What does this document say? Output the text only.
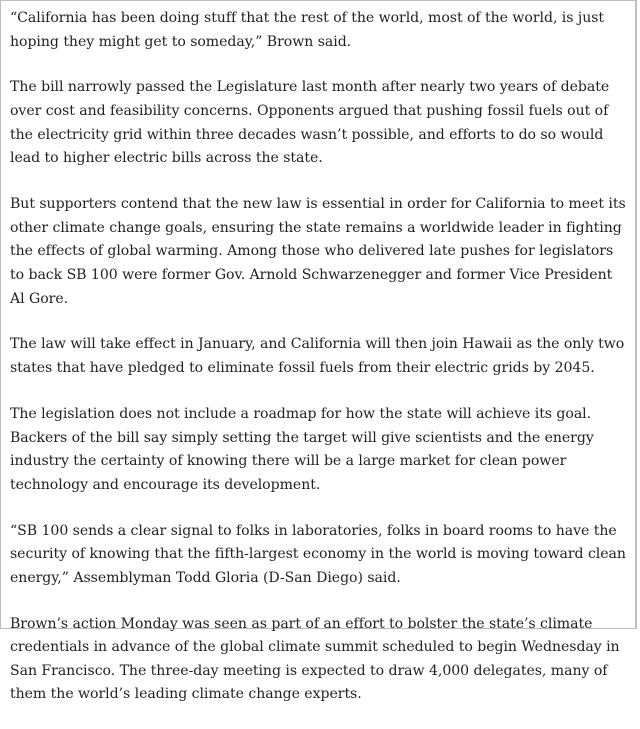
“California has been doing stuff that the rest of the world, most of the world, is just hoping they might get to someday,” Brown said.

The bill narrowly passed the Legislature last month after nearly two years of debate over cost and feasibility concerns. Opponents argued that pushing fossil fuels out of the electricity grid within three decades wasn’t possible, and efforts to do so would lead to higher electric bills across the state.

But supporters contend that the new law is essential in order for California to meet its other climate change goals, ensuring the state remains a worldwide leader in fighting the effects of global warming. Among those who delivered late pushes for legislators to back SB 100 were former Gov. Arnold Schwarzenegger and former Vice President Al Gore.

The law will take effect in January, and California will then join Hawaii as the only two states that have pledged to eliminate fossil fuels from their electric grids by 2045.

The legislation does not include a roadmap for how the state will achieve its goal. Backers of the bill say simply setting the target will give scientists and the energy industry the certainty of knowing there will be a large market for clean power technology and encourage its development.

“SB 100 sends a clear signal to folks in laboratories, folks in board rooms to have the security of knowing that the fifth-largest economy in the world is moving toward clean energy,” Assemblyman Todd Gloria (D-San Diego) said.

Brown’s action Monday was seen as part of an effort to bolster the state’s climate credentials in advance of the global climate summit scheduled to begin Wednesday in San Francisco. The three-day meeting is expected to draw 4,000 delegates, many of them the world’s leading climate change experts.
